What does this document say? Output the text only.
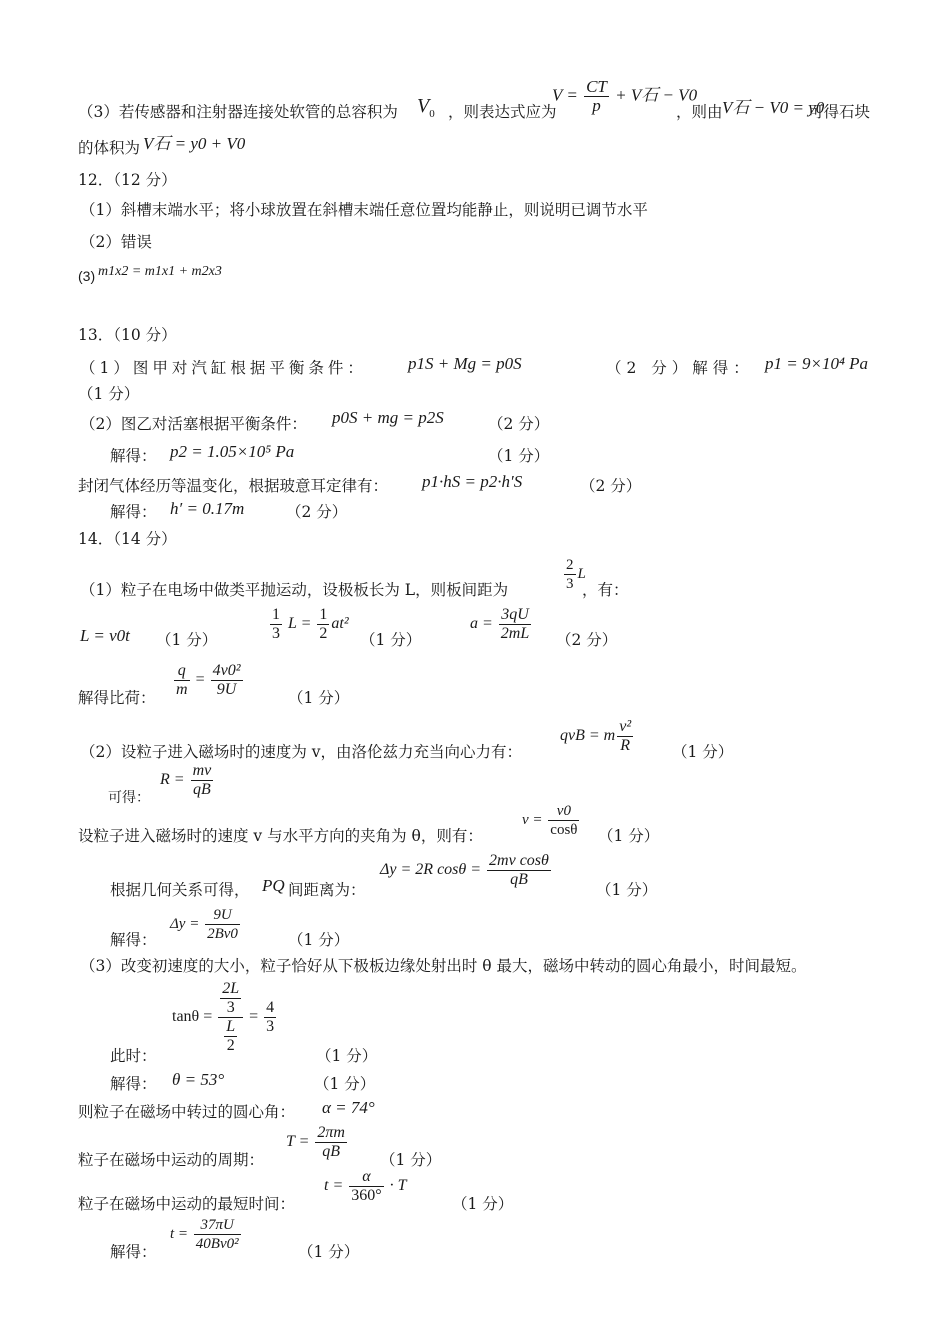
（3）若传感器和注射器连接处软管的总容积为 $V_0$ ，则表达式应为
$V = \frac{CT}{p} + V$石 − V0
，则由 V石 − V0 = y0
可得石块
的体积为 V石 = y0 + V0
12．（12 分）
（1）斜槽末端水平；将小球放置在斜槽末端任意位置均能静止，则说明已调节水平
（2）错误
(3) m1x2 = m1x1 + m2x3
13．（10 分）
（1）图甲对汽缸根据平衡条件： p1S + Mg = p0S	（2 分）解得： p1 = 9×10⁴ Pa
（1 分）
（2）图乙对活塞根据平衡条件： p0S + mg = p2S	（2 分）
解得： p2 = 1.05×10⁵ Pa	（1 分）
封闭气体经历等温变化，根据玻意耳定律有： p1·hS = p2·h′S	（2 分）
解得： h′ = 0.17m	（2 分）
14．（14 分）
（1）粒子在电场中做类平抛运动，设极板长为 L，则板间距为	$\frac{2}{3}$ L
，有：
L = v0t （1 分）	$\frac{1}{3}$ $L = \frac{1}{2} at^2$
（1 分）
$a = \frac{3qU}{2mL} (2$ 分）
解得比荷： $\frac{q}{m} = \frac{\text{4v0²}}{9U}$	（1 分）
（2）设粒子进入磁场时的速度为 v，由洛伦兹力充当向心力有：
qvB = m $\frac{\text{v²}}{R}$	（1 分）
可得：
$R = \frac{mv}{qB}$
设粒子进入磁场时的速度 v 与水平方向的夹角为 θ，则有：
$v = \frac{v0}{\cos\theta} (1$ 分）
根据几何关系可得， PQ 间距离为：
Δy = 2R $\cos\theta = \frac{\text{2mv cosθ}}{qB}$
（1 分）
解得：
$\Delta y = \frac{9U}{2Bv0}$	（1 分）
（3）改变初速度的大小，粒子恰好从下极板边缘处射出时 θ 最大，磁场中转动的圆心角最小，时间最短。
$\tan\theta = \frac{\frac{2L}{3}}{\frac{L}{2}} = \frac{4}{3}$
此时：	（1 分）
解得： θ = 53°	（1 分）
则粒子在磁场中转过的圆心角： α = 74°
粒子在磁场中运动的周期：
$T = \frac{2\pi m}{qB} (1$ 分）
粒子在磁场中运动的最短时间：
$t = \frac{\alpha}{360^\circ} \cdot T$
（1 分）
解得：
$t = \frac{37\pi U}{\text{40Bv0²}}$	（1 分）
